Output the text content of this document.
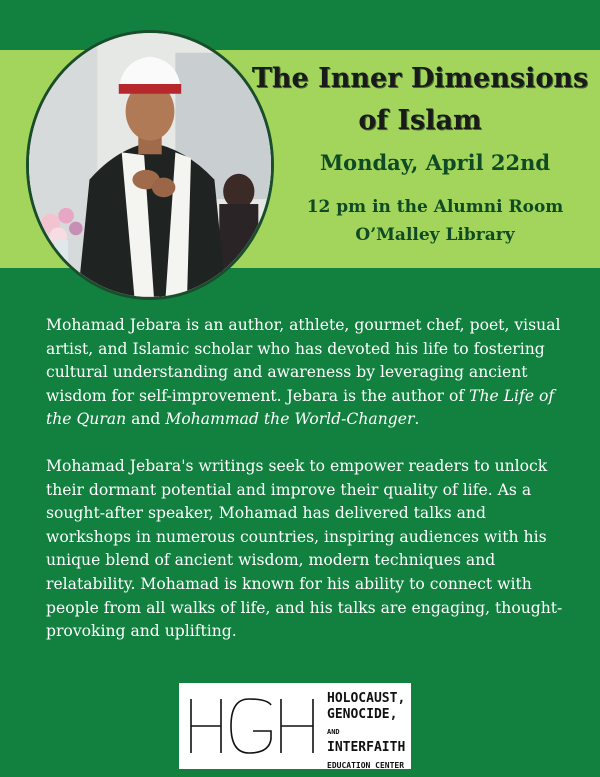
The Inner Dimensions
of Islam
Monday, April 22nd
12 pm in the Alumni Room
O’Malley Library

Mohamad Jebara is an author, athlete, gourmet chef, poet, visual artist, and Islamic scholar who has devoted his life to fostering cultural understanding and awareness by leveraging ancient wisdom for self-improvement. Jebara is the author of The Life of the Quran and Mohammad the World-Changer.

Mohamad Jebara's writings seek to empower readers to unlock their dormant potential and improve their quality of life. As a sought-after speaker, Mohamad has delivered talks and workshops in numerous countries, inspiring audiences with his unique blend of ancient wisdom, modern techniques and relatability. Mohamad is known for his ability to connect with people from all walks of life, and his talks are engaging, thought-provoking and uplifting.

HOLOCAUST,
GENOCIDE, AND
INTERFAITH
EDUCATION CENTER
